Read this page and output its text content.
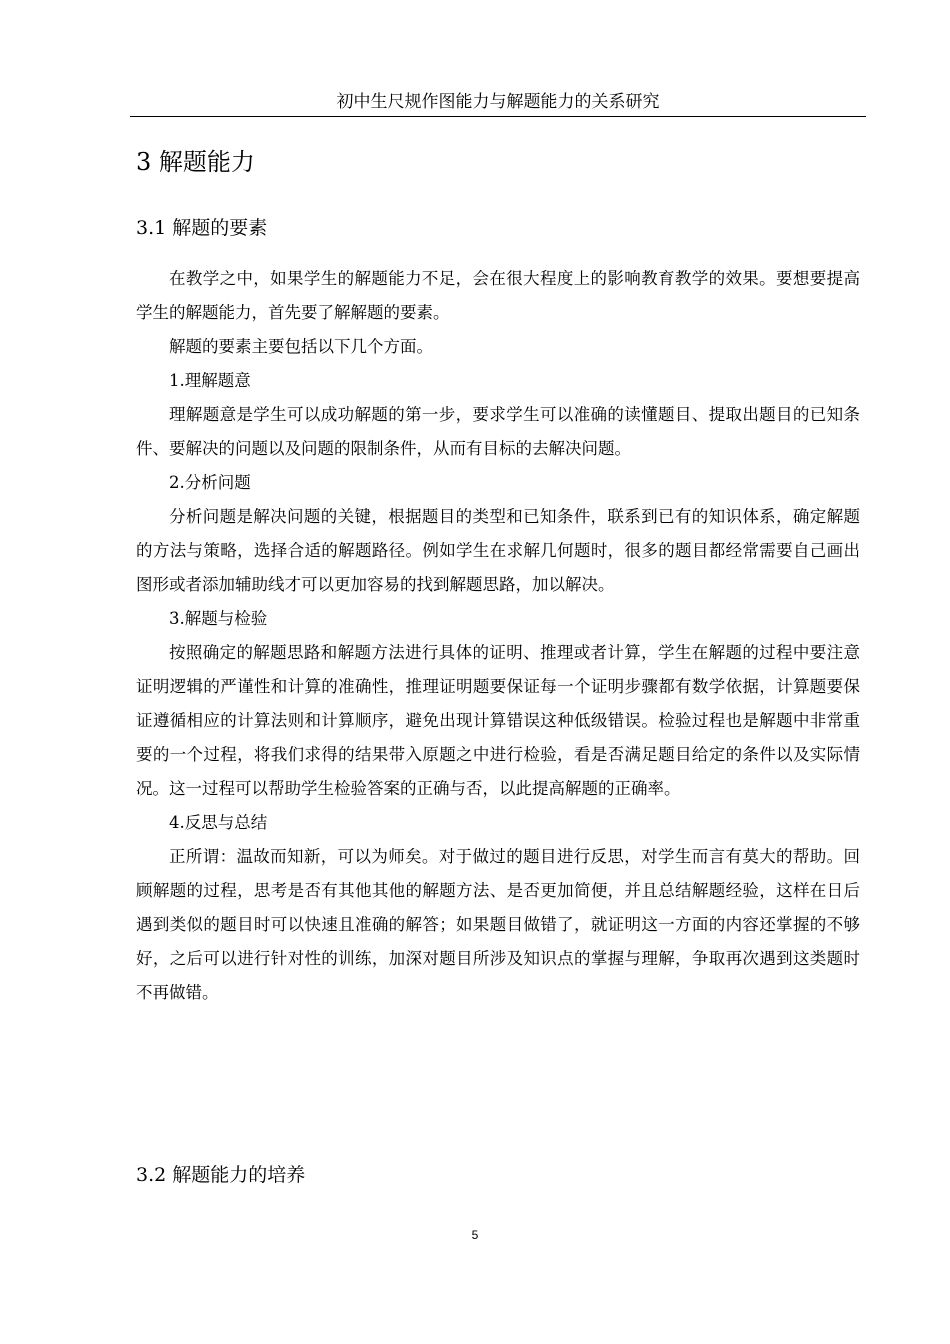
初中生尺规作图能力与解题能力的关系研究
3 解题能力
3.1 解题的要素

在教学之中，如果学生的解题能力不足，会在很大程度上的影响教育教学的效果。要想要提高学生的解题能力，首先要了解解题的要素。

解题的要素主要包括以下几个方面。

1.理解题意

理解题意是学生可以成功解题的第一步，要求学生可以准确的读懂题目、提取出题目的已知条件、要解决的问题以及问题的限制条件，从而有目标的去解决问题。

2.分析问题

分析问题是解决问题的关键，根据题目的类型和已知条件，联系到已有的知识体系，确定解题的方法与策略，选择合适的解题路径。例如学生在求解几何题时，很多的题目都经常需要自己画出图形或者添加辅助线才可以更加容易的找到解题思路，加以解决。

3.解题与检验

按照确定的解题思路和解题方法进行具体的证明、推理或者计算，学生在解题的过程中要注意证明逻辑的严谨性和计算的准确性，推理证明题要保证每一个证明步骤都有数学依据，计算题要保证遵循相应的计算法则和计算顺序，避免出现计算错误这种低级错误。检验过程也是解题中非常重要的一个过程，将我们求得的结果带入原题之中进行检验，看是否满足题目给定的条件以及实际情况。这一过程可以帮助学生检验答案的正确与否，以此提高解题的正确率。

4.反思与总结

正所谓：温故而知新，可以为师矣。对于做过的题目进行反思，对学生而言有莫大的帮助。回顾解题的过程，思考是否有其他其他的解题方法、是否更加简便，并且总结解题经验，这样在日后遇到类似的题目时可以快速且准确的解答；如果题目做错了，就证明这一方面的内容还掌握的不够好，之后可以进行针对性的训练，加深对题目所涉及知识点的掌握与理解，争取再次遇到这类题时不再做错。

3.2 解题能力的培养
5
